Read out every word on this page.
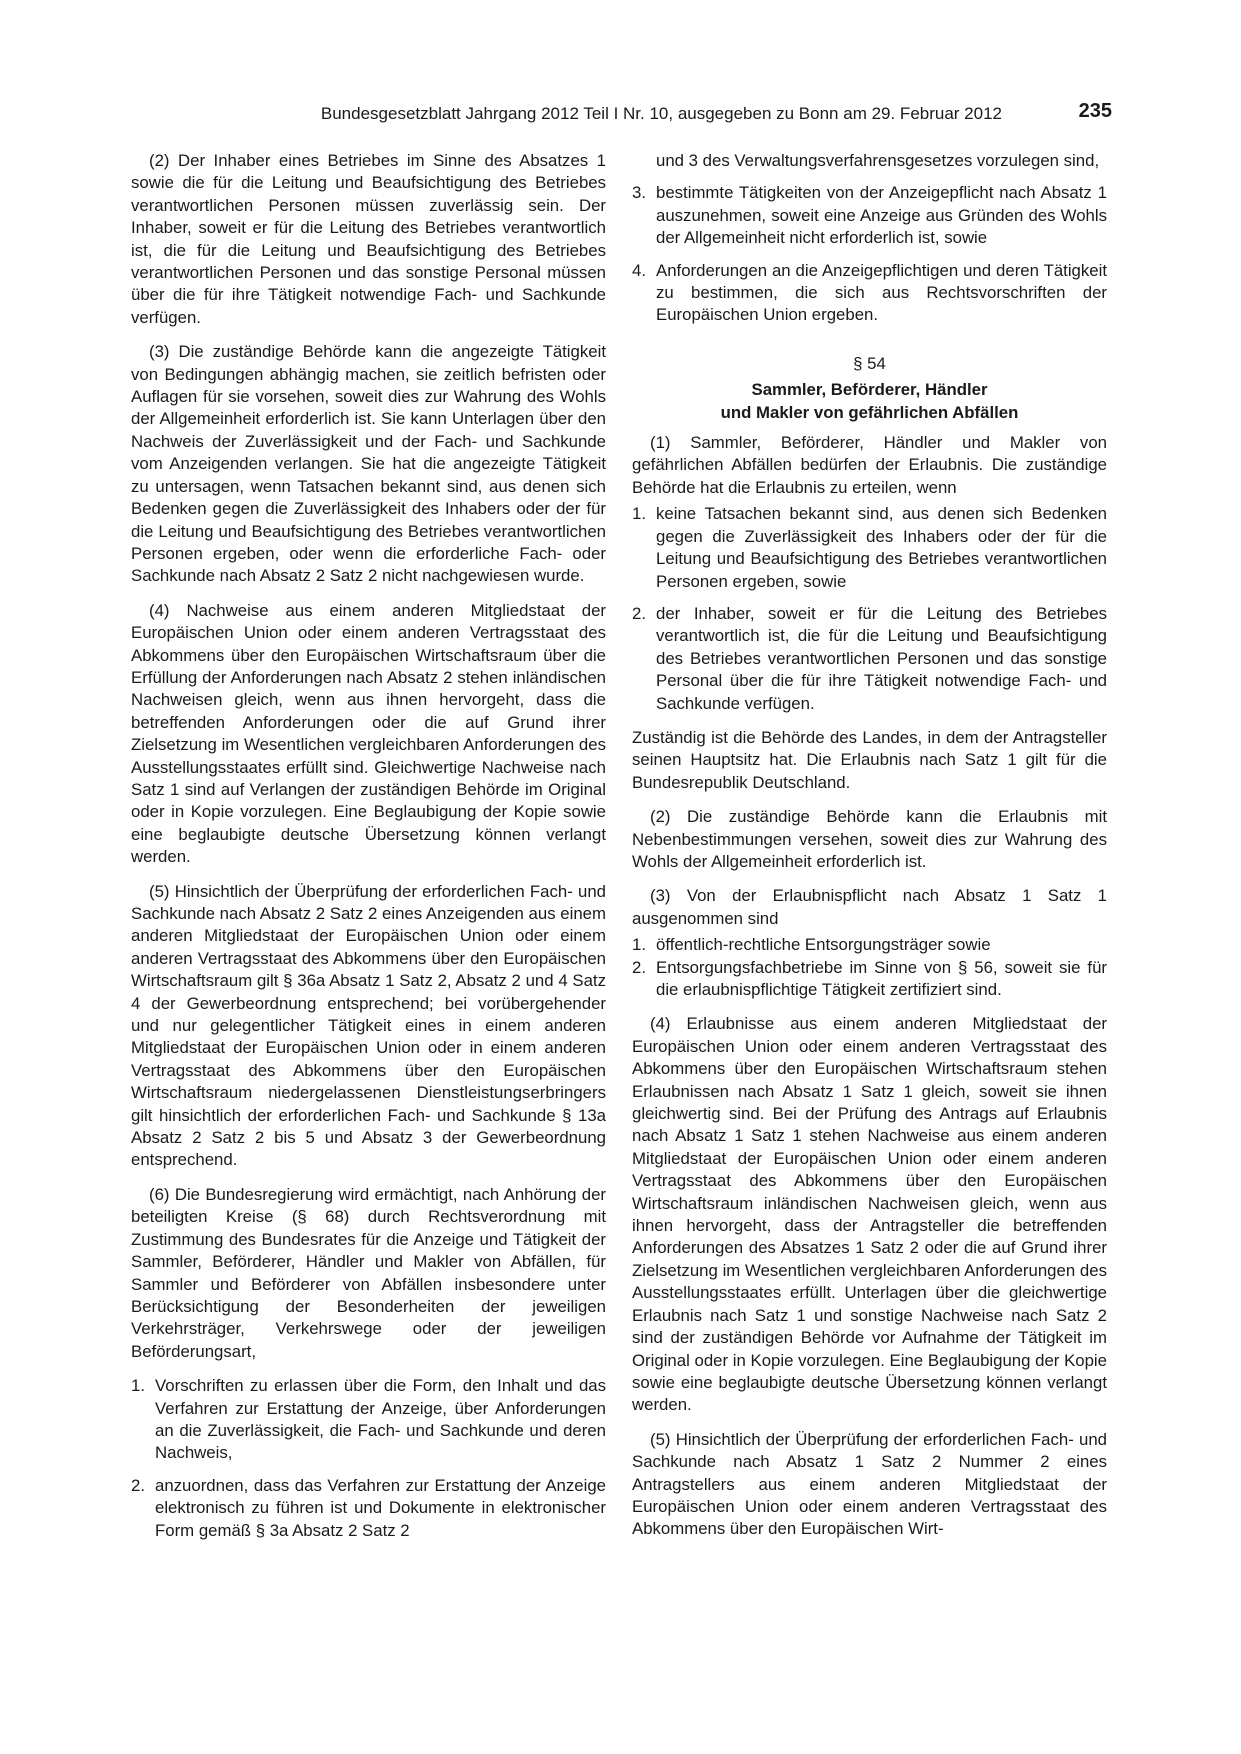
Bundesgesetzblatt Jahrgang 2012 Teil I Nr. 10, ausgegeben zu Bonn am 29. Februar 2012	235

(2) Der Inhaber eines Betriebes im Sinne des Absatzes 1 sowie die für die Leitung und Beaufsichtigung des Betriebes verantwortlichen Personen müssen zuverlässig sein. Der Inhaber, soweit er für die Leitung des Betriebes verantwortlich ist, die für die Leitung und Beaufsichtigung des Betriebes verantwortlichen Personen und das sonstige Personal müssen über die für ihre Tätigkeit notwendige Fach- und Sachkunde verfügen.

(3) Die zuständige Behörde kann die angezeigte Tätigkeit von Bedingungen abhängig machen, sie zeitlich befristen oder Auflagen für sie vorsehen, soweit dies zur Wahrung des Wohls der Allgemeinheit erforderlich ist. Sie kann Unterlagen über den Nachweis der Zuverlässigkeit und der Fach- und Sachkunde vom Anzeigenden verlangen. Sie hat die angezeigte Tätigkeit zu untersagen, wenn Tatsachen bekannt sind, aus denen sich Bedenken gegen die Zuverlässigkeit des Inhabers oder der für die Leitung und Beaufsichtigung des Betriebes verantwortlichen Personen ergeben, oder wenn die erforderliche Fach- oder Sachkunde nach Absatz 2 Satz 2 nicht nachgewiesen wurde.

(4) Nachweise aus einem anderen Mitgliedstaat der Europäischen Union oder einem anderen Vertragsstaat des Abkommens über den Europäischen Wirtschaftsraum über die Erfüllung der Anforderungen nach Absatz 2 stehen inländischen Nachweisen gleich, wenn aus ihnen hervorgeht, dass die betreffenden Anforderungen oder die auf Grund ihrer Zielsetzung im Wesentlichen vergleichbaren Anforderungen des Ausstellungsstaates erfüllt sind. Gleichwertige Nachweise nach Satz 1 sind auf Verlangen der zuständigen Behörde im Original oder in Kopie vorzulegen. Eine Beglaubigung der Kopie sowie eine beglaubigte deutsche Übersetzung können verlangt werden.

(5) Hinsichtlich der Überprüfung der erforderlichen Fach- und Sachkunde nach Absatz 2 Satz 2 eines Anzeigenden aus einem anderen Mitgliedstaat der Europäischen Union oder einem anderen Vertragsstaat des Abkommens über den Europäischen Wirtschaftsraum gilt § 36a Absatz 1 Satz 2, Absatz 2 und 4 Satz 4 der Gewerbeordnung entsprechend; bei vorübergehender und nur gelegentlicher Tätigkeit eines in einem anderen Mitgliedstaat der Europäischen Union oder in einem anderen Vertragsstaat des Abkommens über den Europäischen Wirtschaftsraum niedergelassenen Dienstleistungserbringers gilt hinsichtlich der erforderlichen Fach- und Sachkunde § 13a Absatz 2 Satz 2 bis 5 und Absatz 3 der Gewerbeordnung entsprechend.

(6) Die Bundesregierung wird ermächtigt, nach Anhörung der beteiligten Kreise (§ 68) durch Rechtsverordnung mit Zustimmung des Bundesrates für die Anzeige und Tätigkeit der Sammler, Beförderer, Händler und Makler von Abfällen, für Sammler und Beförderer von Abfällen insbesondere unter Berücksichtigung der Besonderheiten der jeweiligen Verkehrsträger, Verkehrswege oder der jeweiligen Beförderungsart,

1. Vorschriften zu erlassen über die Form, den Inhalt und das Verfahren zur Erstattung der Anzeige, über Anforderungen an die Zuverlässigkeit, die Fach- und Sachkunde und deren Nachweis,
2. anzuordnen, dass das Verfahren zur Erstattung der Anzeige elektronisch zu führen ist und Dokumente in elektronischer Form gemäß § 3a Absatz 2 Satz 2
und 3 des Verwaltungsverfahrensgesetzes vorzulegen sind,
3. bestimmte Tätigkeiten von der Anzeigepflicht nach Absatz 1 auszunehmen, soweit eine Anzeige aus Gründen des Wohls der Allgemeinheit nicht erforderlich ist, sowie
4. Anforderungen an die Anzeigepflichtigen und deren Tätigkeit zu bestimmen, die sich aus Rechtsvorschriften der Europäischen Union ergeben.
§ 54
Sammler, Beförderer, Händler
und Makler von gefährlichen Abfällen

(1) Sammler, Beförderer, Händler und Makler von gefährlichen Abfällen bedürfen der Erlaubnis. Die zuständige Behörde hat die Erlaubnis zu erteilen, wenn

1. keine Tatsachen bekannt sind, aus denen sich Bedenken gegen die Zuverlässigkeit des Inhabers oder der für die Leitung und Beaufsichtigung des Betriebes verantwortlichen Personen ergeben, sowie
2. der Inhaber, soweit er für die Leitung des Betriebes verantwortlich ist, die für die Leitung und Beaufsichtigung des Betriebes verantwortlichen Personen und das sonstige Personal über die für ihre Tätigkeit notwendige Fach- und Sachkunde verfügen.

Zuständig ist die Behörde des Landes, in dem der Antragsteller seinen Hauptsitz hat. Die Erlaubnis nach Satz 1 gilt für die Bundesrepublik Deutschland.

(2) Die zuständige Behörde kann die Erlaubnis mit Nebenbestimmungen versehen, soweit dies zur Wahrung des Wohls der Allgemeinheit erforderlich ist.

(3) Von der Erlaubnispflicht nach Absatz 1 Satz 1 ausgenommen sind

1. öffentlich-rechtliche Entsorgungsträger sowie
2. Entsorgungsfachbetriebe im Sinne von § 56, soweit sie für die erlaubnispflichtige Tätigkeit zertifiziert sind.

(4) Erlaubnisse aus einem anderen Mitgliedstaat der Europäischen Union oder einem anderen Vertragsstaat des Abkommens über den Europäischen Wirtschaftsraum stehen Erlaubnissen nach Absatz 1 Satz 1 gleich, soweit sie ihnen gleichwertig sind. Bei der Prüfung des Antrags auf Erlaubnis nach Absatz 1 Satz 1 stehen Nachweise aus einem anderen Mitgliedstaat der Europäischen Union oder einem anderen Vertragsstaat des Abkommens über den Europäischen Wirtschaftsraum inländischen Nachweisen gleich, wenn aus ihnen hervorgeht, dass der Antragsteller die betreffenden Anforderungen des Absatzes 1 Satz 2 oder die auf Grund ihrer Zielsetzung im Wesentlichen vergleichbaren Anforderungen des Ausstellungsstaates erfüllt. Unterlagen über die gleichwertige Erlaubnis nach Satz 1 und sonstige Nachweise nach Satz 2 sind der zuständigen Behörde vor Aufnahme der Tätigkeit im Original oder in Kopie vorzulegen. Eine Beglaubigung der Kopie sowie eine beglaubigte deutsche Übersetzung können verlangt werden.

(5) Hinsichtlich der Überprüfung der erforderlichen Fach- und Sachkunde nach Absatz 1 Satz 2 Nummer 2 eines Antragstellers aus einem anderen Mitgliedstaat der Europäischen Union oder einem anderen Vertragsstaat des Abkommens über den Europäischen Wirt-
